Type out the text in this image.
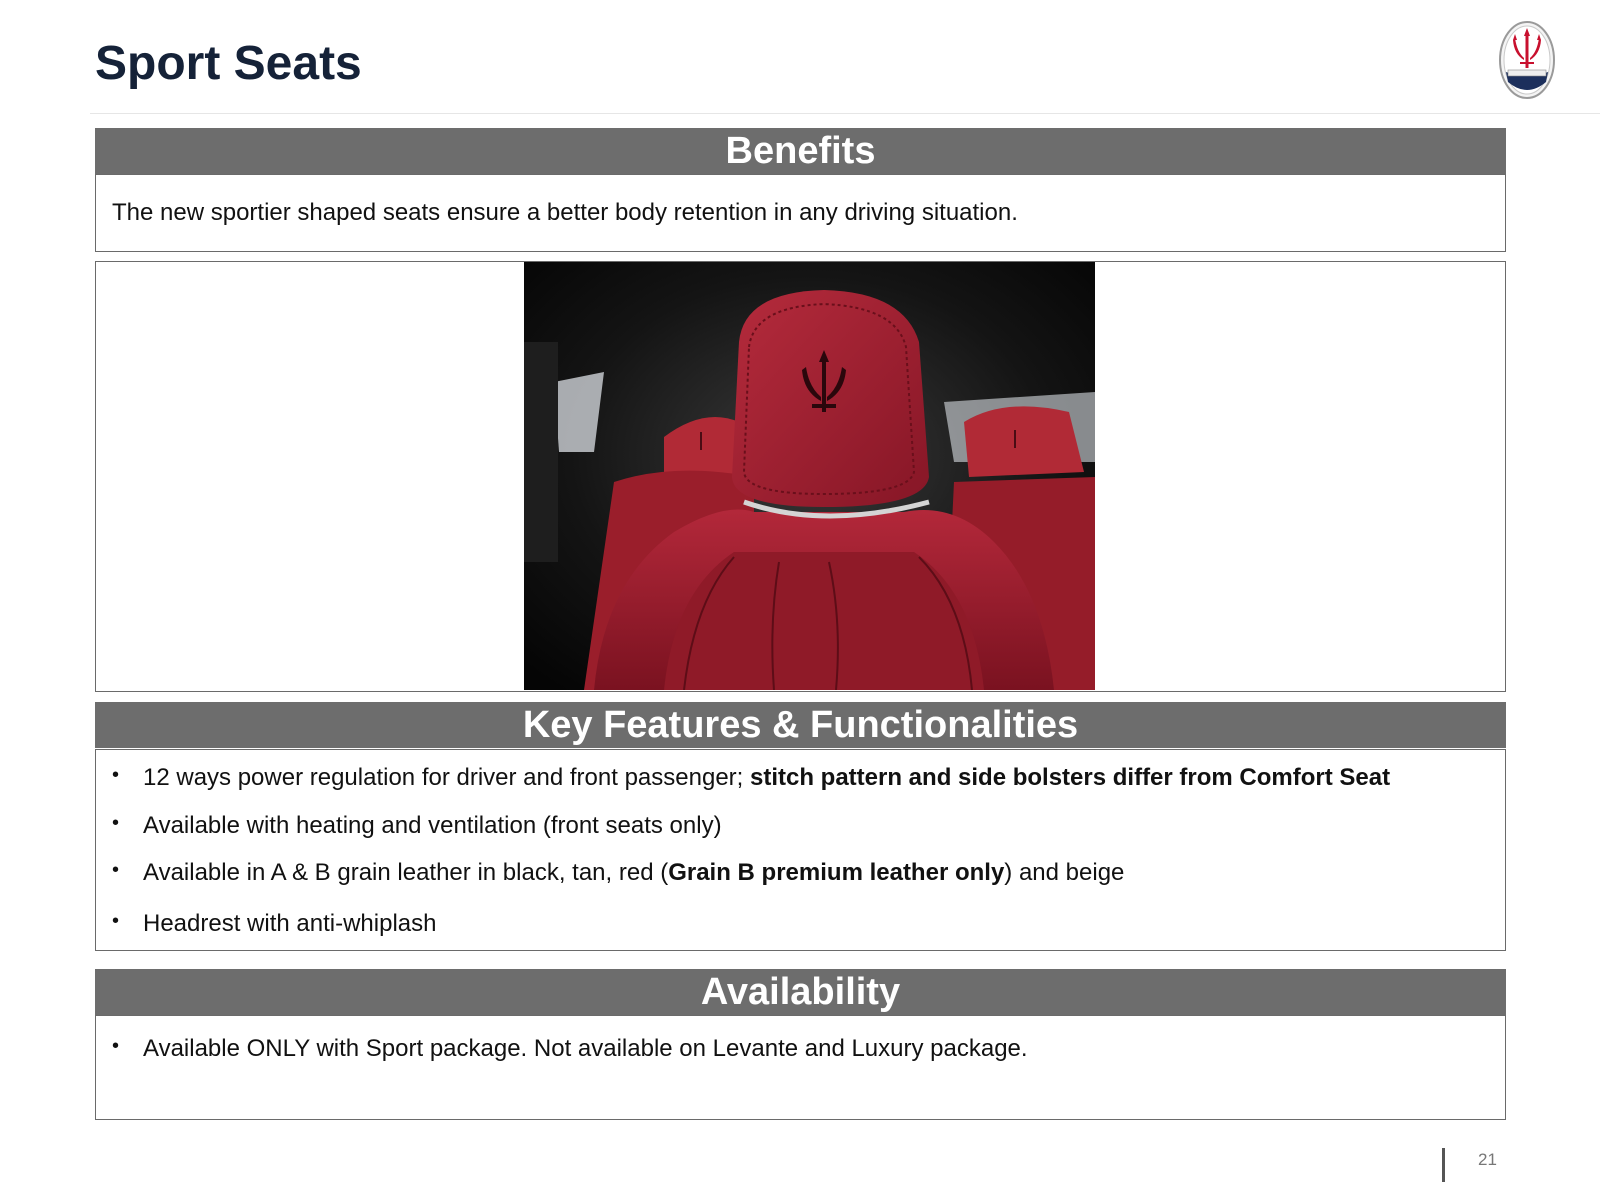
Sport Seats
Benefits
The new sportier shaped seats ensure a better body retention in any driving situation.
Key Features & Functionalities
• 12 ways power regulation for driver and front passenger; stitch pattern and side bolsters differ from Comfort Seat
• Available with heating and ventilation (front seats only)
• Available in A & B grain leather in black, tan, red (Grain B premium leather only) and beige
• Headrest with anti-whiplash
Availability
• Available ONLY with Sport package. Not available on Levante and Luxury package.
21
